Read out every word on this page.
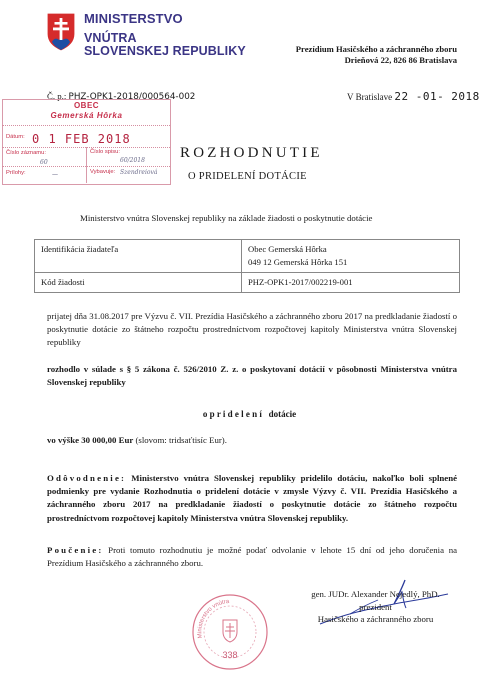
MINISTERSTVO
VNÚTRA
SLOVENSKEJ REPUBLIKY	Prezídium Hasičského a záchranného zboru
Drieňová 22, 826 86 Bratislava
Č. p.: PHZ-OPK1-2018/000564-002	V Bratislave 22 -01- 2018
OBEC
Gemerská Hôrka
Dátum: 0 1 FEB 2018
Číslo záznamu:
60
Číslo spisu:
60/2018
Prílohy:	—	Vybavuje: Szendreiová
ROZHODNUTIE
O PRIDELENÍ DOTÁCIE
Ministerstvo vnútra Slovenskej republiky na základe žiadosti o poskytnutie dotácie
Identifikácia žiadateľa	Obec Gemerská Hôrka
049 12 Gemerská Hôrka 151

Kód žiadosti	PHZ-OPK1-2017/002219-001
prijatej dňa 31.08.2017 pre Výzvu č. VII. Prezídia Hasičského a záchranného zboru 2017 na predkladanie žiadostí o poskytnutie dotácie zo štátneho rozpočtu prostredníctvom rozpočtovej kapitoly Ministerstva vnútra Slovenskej republiky
rozhodlo v súlade s § 5 zákona č. 526/2010 Z. z. o poskytovaní dotácií v pôsobnosti Ministerstva vnútra Slovenskej republiky
o p r i d e l e n í   dotácie
vo výške 30 000,00 Eur (slovom: tridsaťtisíc Eur).
Odôvodnenie: Ministerstvo vnútra Slovenskej republiky pridelilo dotáciu, nakoľko boli splnené podmienky pre vydanie Rozhodnutia o pridelení dotácie v zmysle Výzvy č. VII. Prezídia Hasičského a záchranného zboru 2017 na predkladanie žiadostí o poskytnutie dotácie zo štátneho rozpočtu prostredníctvom rozpočtovej kapitoly Ministerstva vnútra Slovenskej republiky.
Poučenie: Proti tomuto rozhodnutiu je možné podať odvolanie v lehote 15 dní od jeho doručenia na Prezídium Hasičského a záchranného zboru.
Ministerstvo vnútra
338
gen. JUDr. Alexander Nejedlý, PhD.
prezident
Hasičského a záchranného zboru
